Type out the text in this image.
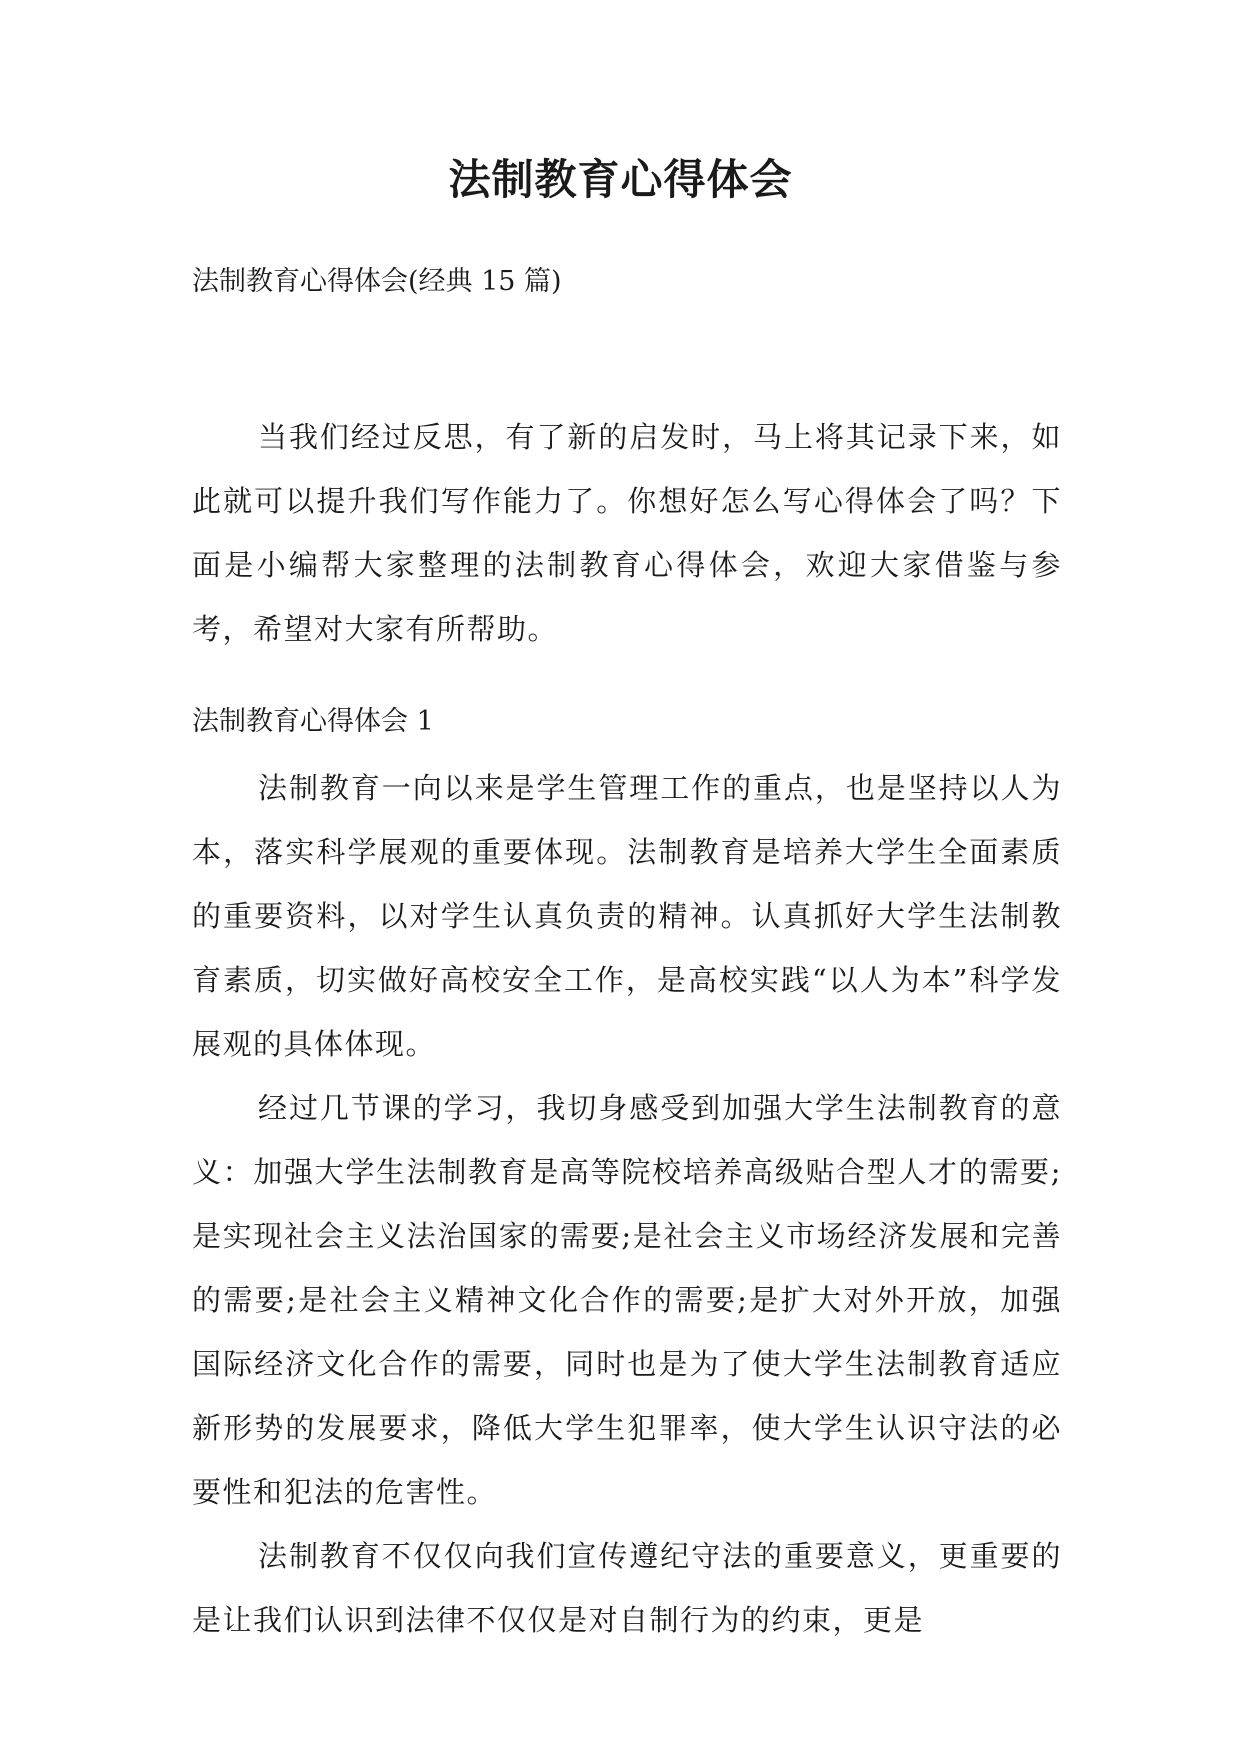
法制教育心得体会
法制教育心得体会(经典 15 篇)

当我们经过反思，有了新的启发时，马上将其记录下来，如此就可以提升我们写作能力了。你想好怎么写心得体会了吗？下面是小编帮大家整理的法制教育心得体会，欢迎大家借鉴与参考，希望对大家有所帮助。

法制教育心得体会 1

法制教育一向以来是学生管理工作的重点，也是坚持以人为本，落实科学展观的重要体现。法制教育是培养大学生全面素质的重要资料，以对学生认真负责的精神。认真抓好大学生法制教育素质，切实做好高校安全工作，是高校实践“以人为本”科学发展观的具体体现。

经过几节课的学习，我切身感受到加强大学生法制教育的意义：加强大学生法制教育是高等院校培养高级贴合型人才的需要;是实现社会主义法治国家的需要;是社会主义市场经济发展和完善的需要;是社会主义精神文化合作的需要;是扩大对外开放，加强国际经济文化合作的需要，同时也是为了使大学生法制教育适应新形势的发展要求，降低大学生犯罪率，使大学生认识守法的必要性和犯法的危害性。

法制教育不仅仅向我们宣传遵纪守法的重要意义，更重要的是让我们认识到法律不仅仅是对自制行为的约束，更是
